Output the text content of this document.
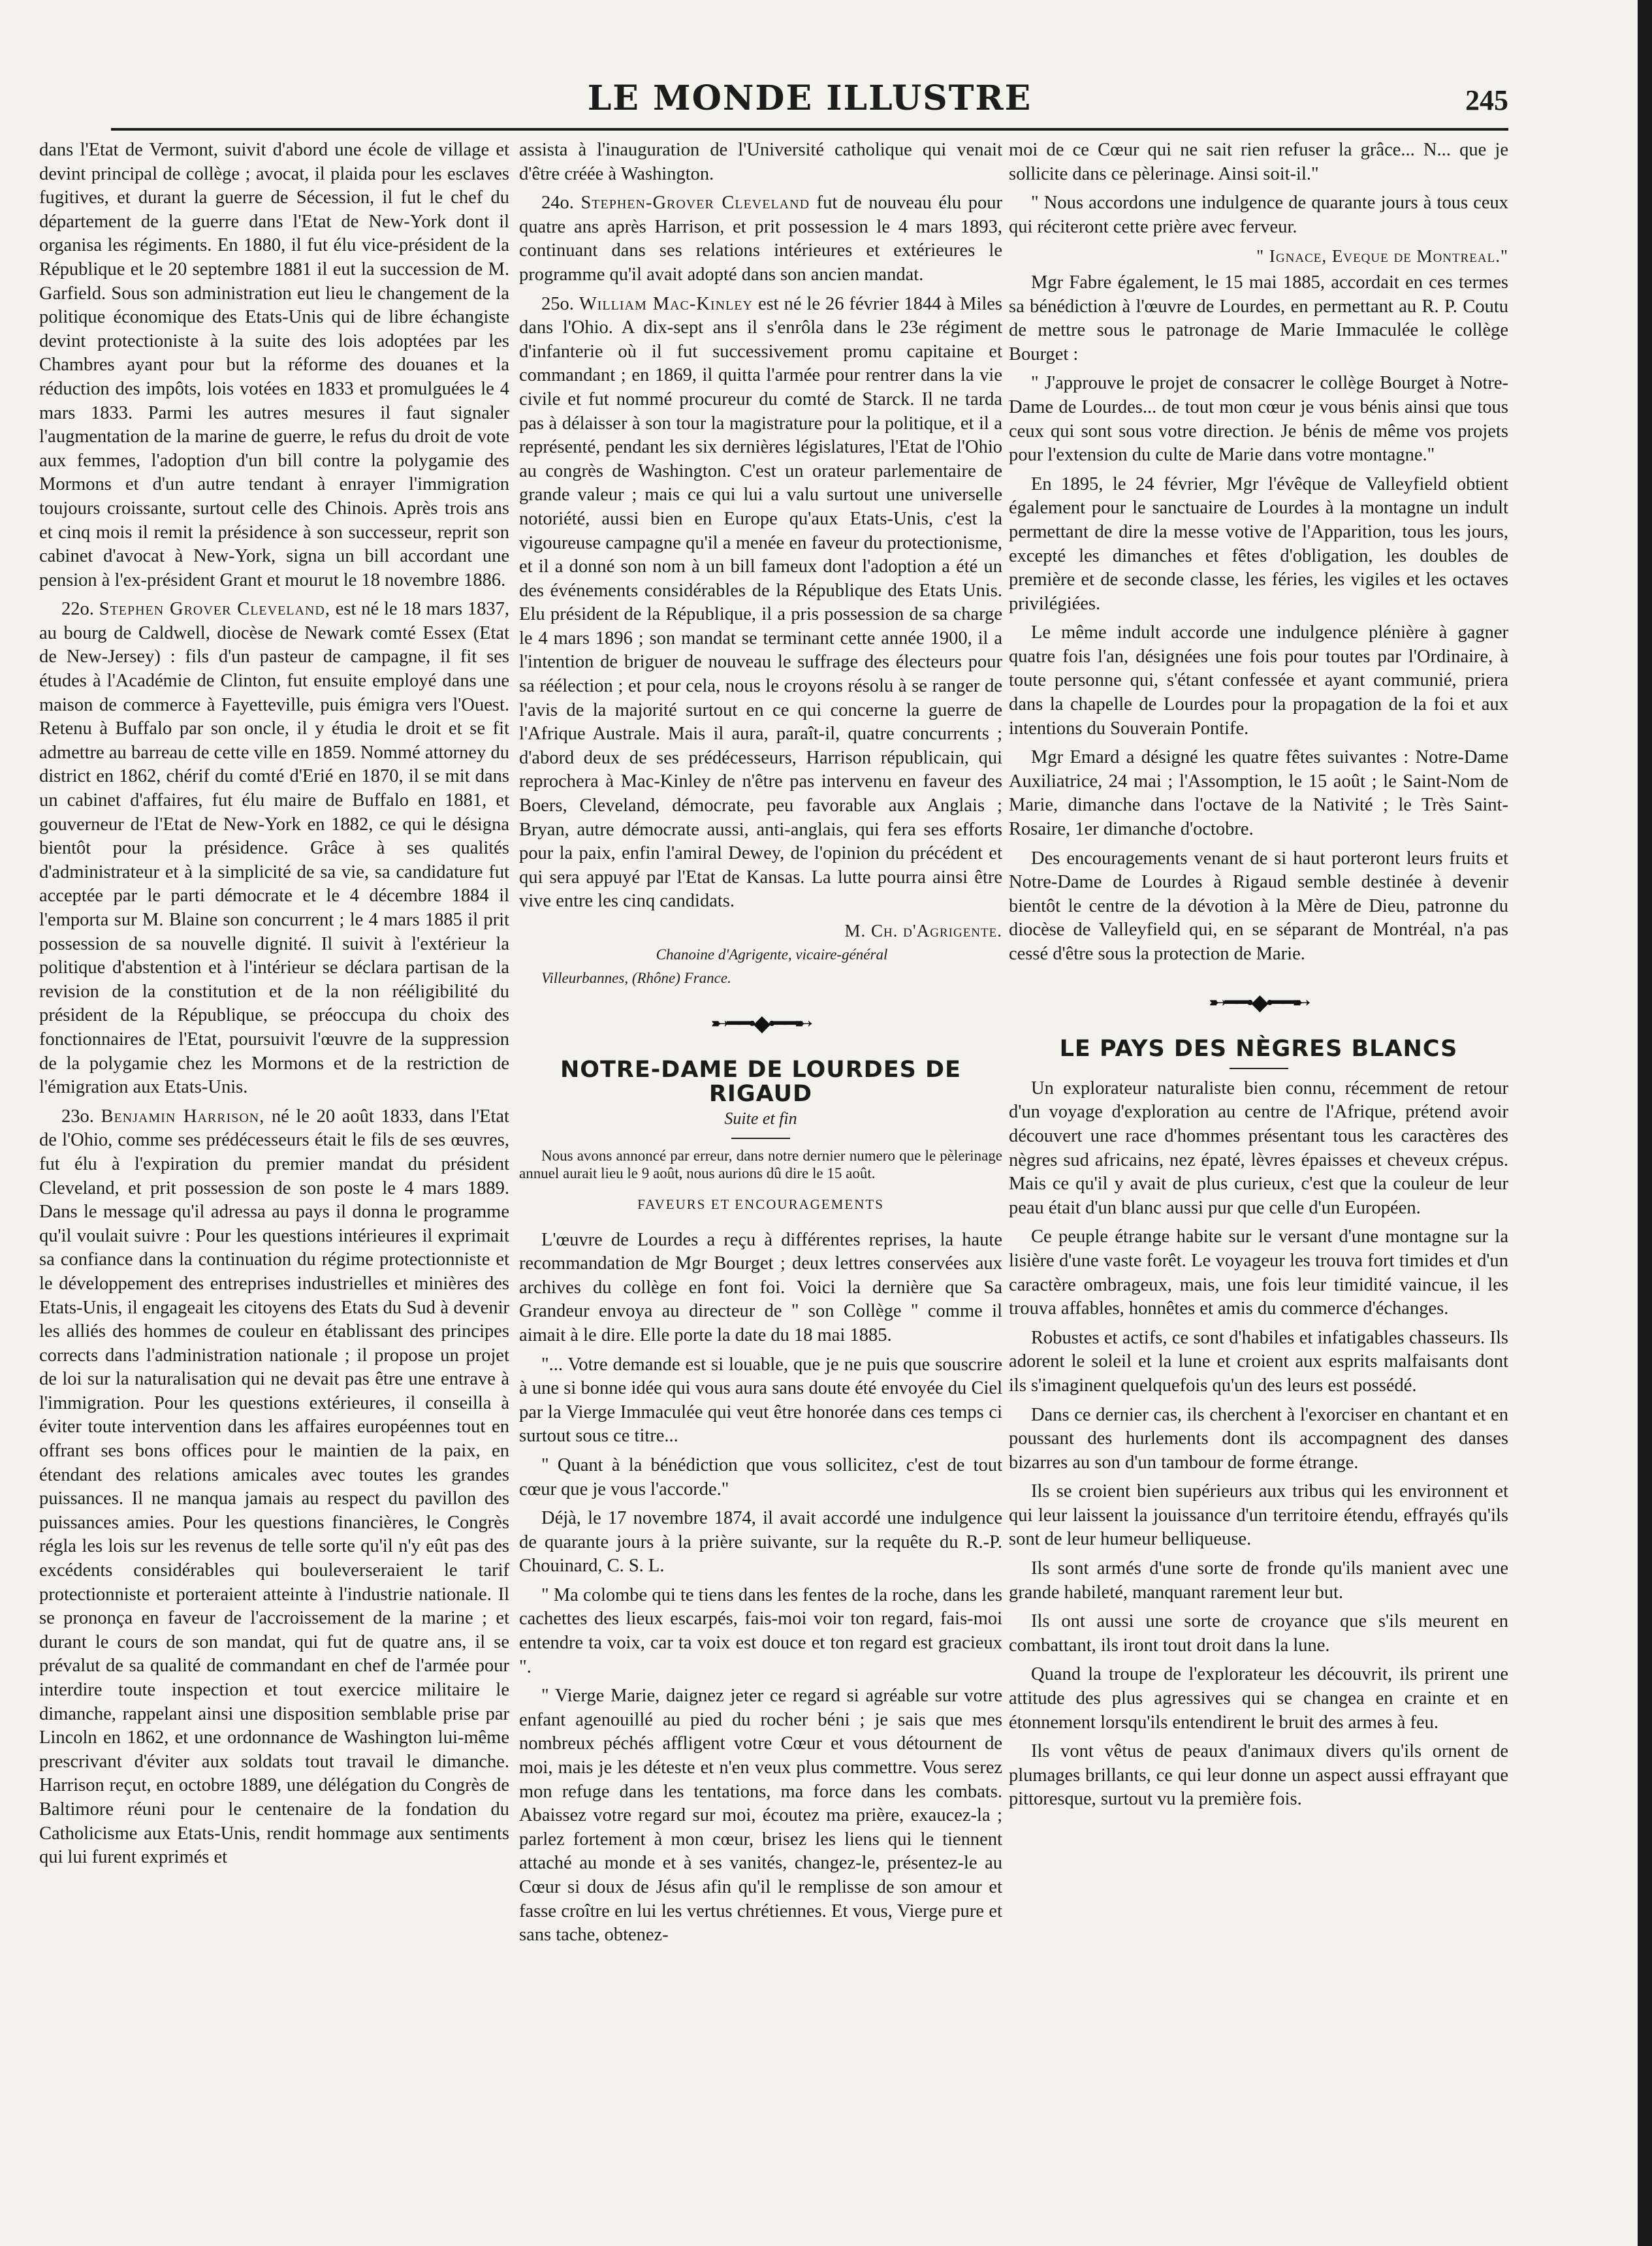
LE MONDE ILLUSTRE	245

dans l'Etat de Vermont, suivit d'abord une école de village et devint principal de collège ; avocat, il plaida pour les esclaves fugitives, et durant la guerre de Sécession, il fut le chef du département de la guerre dans l'Etat de New-York dont il organisa les régiments. En 1880, il fut élu vice-président de la République et le 20 septembre 1881 il eut la succession de M. Garfield. Sous son administration eut lieu le changement de la politique économique des Etats-Unis qui de libre échangiste devint protectioniste à la suite des lois adoptées par les Chambres ayant pour but la réforme des douanes et la réduction des impôts, lois votées en 1833 et promulguées le 4 mars 1833. Parmi les autres mesures il faut signaler l'augmentation de la marine de guerre, le refus du droit de vote aux femmes, l'adoption d'un bill contre la polygamie des Mormons et d'un autre tendant à enrayer l'immigration toujours croissante, surtout celle des Chinois. Après trois ans et cinq mois il remit la présidence à son successeur, reprit son cabinet d'avocat à New-York, signa un bill accordant une pension à l'ex-président Grant et mourut le 18 novembre 1886.

22o. Stephen Grover Cleveland, est né le 18 mars 1837, au bourg de Caldwell, diocèse de Newark comté Essex (Etat de New-Jersey) : fils d'un pasteur de campagne, il fit ses études à l'Académie de Clinton, fut ensuite employé dans une maison de commerce à Fayetteville, puis émigra vers l'Ouest. Retenu à Buffalo par son oncle, il y étudia le droit et se fit admettre au barreau de cette ville en 1859. Nommé attorney du district en 1862, chérif du comté d'Erié en 1870, il se mit dans un cabinet d'affaires, fut élu maire de Buffalo en 1881, et gouverneur de l'Etat de New-York en 1882, ce qui le désigna bientôt pour la présidence. Grâce à ses qualités d'administrateur et à la simplicité de sa vie, sa candidature fut acceptée par le parti démocrate et le 4 décembre 1884 il l'emporta sur M. Blaine son concurrent ; le 4 mars 1885 il prit possession de sa nouvelle dignité. Il suivit à l'extérieur la politique d'abstention et à l'intérieur se déclara partisan de la revision de la constitution et de la non rééligibilité du président de la République, se préoccupa du choix des fonctionnaires de l'Etat, poursuivit l'œuvre de la suppression de la polygamie chez les Mormons et de la restriction de l'émigration aux Etats-Unis.

23o. Benjamin Harrison, né le 20 août 1833, dans l'Etat de l'Ohio, comme ses prédécesseurs était le fils de ses œuvres, fut élu à l'expiration du premier mandat du président Cleveland, et prit possession de son poste le 4 mars 1889. Dans le message qu'il adressa au pays il donna le programme qu'il voulait suivre : Pour les questions intérieures il exprimait sa confiance dans la continuation du régime protectionniste et le développement des entreprises industrielles et minières des Etats-Unis, il engageait les citoyens des Etats du Sud à devenir les alliés des hommes de couleur en établissant des principes corrects dans l'administration nationale ; il propose un projet de loi sur la naturalisation qui ne devait pas être une entrave à l'immigration. Pour les questions extérieures, il conseilla à éviter toute intervention dans les affaires européennes tout en offrant ses bons offices pour le maintien de la paix, en étendant des relations amicales avec toutes les grandes puissances. Il ne manqua jamais au respect du pavillon des puissances amies. Pour les questions financières, le Congrès régla les lois sur les revenus de telle sorte qu'il n'y eût pas des excédents considérables qui bouleverseraient le tarif protectionniste et porteraient atteinte à l'industrie nationale. Il se prononça en faveur de l'accroissement de la marine ; et durant le cours de son mandat, qui fut de quatre ans, il se prévalut de sa qualité de commandant en chef de l'armée pour interdire toute inspection et tout exercice militaire le dimanche, rappelant ainsi une disposition semblable prise par Lincoln en 1862, et une ordonnance de Washington lui-même prescrivant d'éviter aux soldats tout travail le dimanche. Harrison reçut, en octobre 1889, une délégation du Congrès de Baltimore réuni pour le centenaire de la fondation du Catholicisme aux Etats-Unis, rendit hommage aux sentiments qui lui furent exprimés et

assista à l'inauguration de l'Université catholique qui venait d'être créée à Washington.

24o. Stephen-Grover Cleveland fut de nouveau élu pour quatre ans après Harrison, et prit possession le 4 mars 1893, continuant dans ses relations intérieures et extérieures le programme qu'il avait adopté dans son ancien mandat.

25o. William Mac-Kinley est né le 26 février 1844 à Miles dans l'Ohio. A dix-sept ans il s'enrôla dans le 23e régiment d'infanterie où il fut successivement promu capitaine et commandant ; en 1869, il quitta l'armée pour rentrer dans la vie civile et fut nommé procureur du comté de Starck. Il ne tarda pas à délaisser à son tour la magistrature pour la politique, et il a représenté, pendant les six dernières législatures, l'Etat de l'Ohio au congrès de Washington. C'est un orateur parlementaire de grande valeur ; mais ce qui lui a valu surtout une universelle notoriété, aussi bien en Europe qu'aux Etats-Unis, c'est la vigoureuse campagne qu'il a menée en faveur du protectionisme, et il a donné son nom à un bill fameux dont l'adoption a été un des événements considérables de la République des Etats Unis. Elu président de la République, il a pris possession de sa charge le 4 mars 1896 ; son mandat se terminant cette année 1900, il a l'intention de briguer de nouveau le suffrage des électeurs pour sa réélection ; et pour cela, nous le croyons résolu à se ranger de l'avis de la majorité surtout en ce qui concerne la guerre de l'Afrique Australe. Mais il aura, paraît-il, quatre concurrents ; d'abord deux de ses prédécesseurs, Harrison républicain, qui reprochera à Mac-Kinley de n'être pas intervenu en faveur des Boers, Cleveland, démocrate, peu favorable aux Anglais ; Bryan, autre démocrate aussi, anti-anglais, qui fera ses efforts pour la paix, enfin l'amiral Dewey, de l'opinion du précédent et qui sera appuyé par l'Etat de Kansas. La lutte pourra ainsi être vive entre les cinq candidats.

M. Ch. d'Agrigente.

Chanoine d'Agrigente, vicaire-général

Villeurbannes, (Rhône) France.

➸━━•◆•━━➸
NOTRE-DAME DE LOURDES DE RIGAUD
Suite et fin

Nous avons annoncé par erreur, dans notre dernier numero que le pèlerinage annuel aurait lieu le 9 août, nous aurions dû dire le 15 août.

FAVEURS ET ENCOURAGEMENTS

L'œuvre de Lourdes a reçu à différentes reprises, la haute recommandation de Mgr Bourget ; deux lettres conservées aux archives du collège en font foi. Voici la dernière que Sa Grandeur envoya au directeur de " son Collège " comme il aimait à le dire. Elle porte la date du 18 mai 1885.

"... Votre demande est si louable, que je ne puis que souscrire à une si bonne idée qui vous aura sans doute été envoyée du Ciel par la Vierge Immaculée qui veut être honorée dans ces temps ci surtout sous ce titre...

" Quant à la bénédiction que vous sollicitez, c'est de tout cœur que je vous l'accorde."

Déjà, le 17 novembre 1874, il avait accordé une indulgence de quarante jours à la prière suivante, sur la requête du R.-P. Chouinard, C. S. L.

" Ma colombe qui te tiens dans les fentes de la roche, dans les cachettes des lieux escarpés, fais-moi voir ton regard, fais-moi entendre ta voix, car ta voix est douce et ton regard est gracieux ".

" Vierge Marie, daignez jeter ce regard si agréable sur votre enfant agenouillé au pied du rocher béni ; je sais que mes nombreux péchés affligent votre Cœur et vous détournent de moi, mais je les déteste et n'en veux plus commettre. Vous serez mon refuge dans les tentations, ma force dans les combats. Abaissez votre regard sur moi, écoutez ma prière, exaucez-la ; parlez fortement à mon cœur, brisez les liens qui le tiennent attaché au monde et à ses vanités, changez-le, présentez-le au Cœur si doux de Jésus afin qu'il le remplisse de son amour et fasse croître en lui les vertus chrétiennes. Et vous, Vierge pure et sans tache, obtenez-

moi de ce Cœur qui ne sait rien refuser la grâce... N... que je sollicite dans ce pèlerinage. Ainsi soit-il."

" Nous accordons une indulgence de quarante jours à tous ceux qui réciteront cette prière avec ferveur.

" Ignace, Eveque de Montreal."

Mgr Fabre également, le 15 mai 1885, accordait en ces termes sa bénédiction à l'œuvre de Lourdes, en permettant au R. P. Coutu de mettre sous le patronage de Marie Immaculée le collège Bourget :

" J'approuve le projet de consacrer le collège Bourget à Notre-Dame de Lourdes... de tout mon cœur je vous bénis ainsi que tous ceux qui sont sous votre direction. Je bénis de même vos projets pour l'extension du culte de Marie dans votre montagne."

En 1895, le 24 février, Mgr l'évêque de Valleyfield obtient également pour le sanctuaire de Lourdes à la montagne un indult permettant de dire la messe votive de l'Apparition, tous les jours, excepté les dimanches et fêtes d'obligation, les doubles de première et de seconde classe, les féries, les vigiles et les octaves privilégiées.

Le même indult accorde une indulgence plénière à gagner quatre fois l'an, désignées une fois pour toutes par l'Ordinaire, à toute personne qui, s'étant confessée et ayant communié, priera dans la chapelle de Lourdes pour la propagation de la foi et aux intentions du Souverain Pontife.

Mgr Emard a désigné les quatre fêtes suivantes : Notre-Dame Auxiliatrice, 24 mai ; l'Assomption, le 15 août ; le Saint-Nom de Marie, dimanche dans l'octave de la Nativité ; le Très Saint-Rosaire, 1er dimanche d'octobre.

Des encouragements venant de si haut porteront leurs fruits et Notre-Dame de Lourdes à Rigaud semble destinée à devenir bientôt le centre de la dévotion à la Mère de Dieu, patronne du diocèse de Valleyfield qui, en se séparant de Montréal, n'a pas cessé d'être sous la protection de Marie.

➸━━•◆•━━➸
LE PAYS DES NÈGRES BLANCS

Un explorateur naturaliste bien connu, récemment de retour d'un voyage d'exploration au centre de l'Afrique, prétend avoir découvert une race d'hommes présentant tous les caractères des nègres sud africains, nez épaté, lèvres épaisses et cheveux crépus. Mais ce qu'il y avait de plus curieux, c'est que la couleur de leur peau était d'un blanc aussi pur que celle d'un Européen.

Ce peuple étrange habite sur le versant d'une montagne sur la lisière d'une vaste forêt. Le voyageur les trouva fort timides et d'un caractère ombrageux, mais, une fois leur timidité vaincue, il les trouva affables, honnêtes et amis du commerce d'échanges.

Robustes et actifs, ce sont d'habiles et infatigables chasseurs. Ils adorent le soleil et la lune et croient aux esprits malfaisants dont ils s'imaginent quelquefois qu'un des leurs est possédé.

Dans ce dernier cas, ils cherchent à l'exorciser en chantant et en poussant des hurlements dont ils accompagnent des danses bizarres au son d'un tambour de forme étrange.

Ils se croient bien supérieurs aux tribus qui les environnent et qui leur laissent la jouissance d'un territoire étendu, effrayés qu'ils sont de leur humeur belliqueuse.

Ils sont armés d'une sorte de fronde qu'ils manient avec une grande habileté, manquant rarement leur but.

Ils ont aussi une sorte de croyance que s'ils meurent en combattant, ils iront tout droit dans la lune.

Quand la troupe de l'explorateur les découvrit, ils prirent une attitude des plus agressives qui se changea en crainte et en étonnement lorsqu'ils entendirent le bruit des armes à feu.

Ils vont vêtus de peaux d'animaux divers qu'ils ornent de plumages brillants, ce qui leur donne un aspect aussi effrayant que pittoresque, surtout vu la première fois.
